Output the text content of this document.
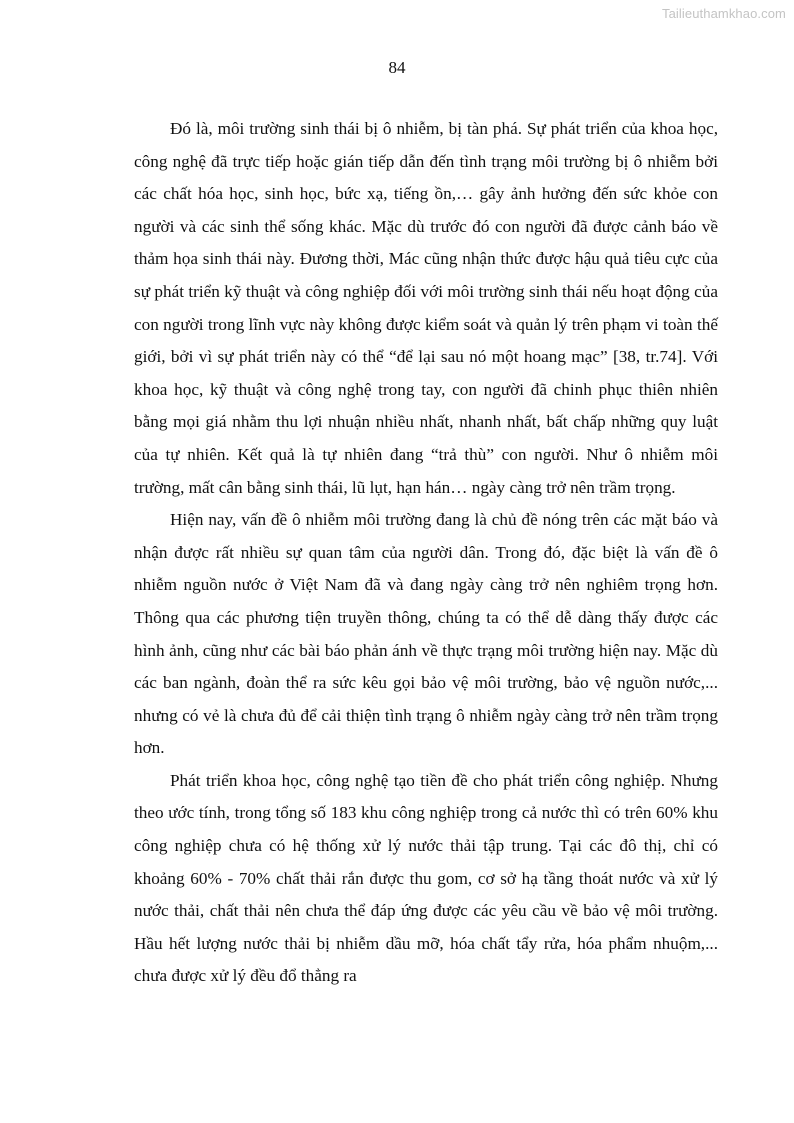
Tailieuthamkhao.com
84

Đó là, môi trường sinh thái bị ô nhiễm, bị tàn phá. Sự phát triển của khoa học, công nghệ đã trực tiếp hoặc gián tiếp dẫn đến tình trạng môi trường bị ô nhiễm bởi các chất hóa học, sinh học, bức xạ, tiếng ồn,… gây ảnh hưởng đến sức khỏe con người và các sinh thể sống khác. Mặc dù trước đó con người đã được cảnh báo về thảm họa sinh thái này. Đương thời, Mác cũng nhận thức được hậu quả tiêu cực của sự phát triển kỹ thuật và công nghiệp đối với môi trường sinh thái nếu hoạt động của con người trong lĩnh vực này không được kiểm soát và quản lý trên phạm vi toàn thế giới, bởi vì sự phát triển này có thể “để lại sau nó một hoang mạc” [38, tr.74]. Với khoa học, kỹ thuật và công nghệ trong tay, con người đã chinh phục thiên nhiên bằng mọi giá nhằm thu lợi nhuận nhiều nhất, nhanh nhất, bất chấp những quy luật của tự nhiên. Kết quả là tự nhiên đang “trả thù” con người. Như ô nhiễm môi trường, mất cân bằng sinh thái, lũ lụt, hạn hán… ngày càng trở nên trầm trọng.

Hiện nay, vấn đề ô nhiễm môi trường đang là chủ đề nóng trên các mặt báo và nhận được rất nhiều sự quan tâm của người dân. Trong đó, đặc biệt là vấn đề ô nhiễm nguồn nước ở Việt Nam đã và đang ngày càng trở nên nghiêm trọng hơn. Thông qua các phương tiện truyền thông, chúng ta có thể dễ dàng thấy được các hình ảnh, cũng như các bài báo phản ánh về thực trạng môi trường hiện nay. Mặc dù các ban ngành, đoàn thể ra sức kêu gọi bảo vệ môi trường, bảo vệ nguồn nước,... nhưng có vẻ là chưa đủ để cải thiện tình trạng ô nhiễm ngày càng trở nên trầm trọng hơn.

Phát triển khoa học, công nghệ tạo tiền đề cho phát triển công nghiệp. Nhưng theo ước tính, trong tổng số 183 khu công nghiệp trong cả nước thì có trên 60% khu công nghiệp chưa có hệ thống xử lý nước thải tập trung. Tại các đô thị, chỉ có khoảng 60% - 70% chất thải rắn được thu gom, cơ sở hạ tầng thoát nước và xử lý nước thải, chất thải nên chưa thể đáp ứng được các yêu cầu về bảo vệ môi trường. Hầu hết lượng nước thải bị nhiễm dầu mỡ, hóa chất tẩy rửa, hóa phẩm nhuộm,... chưa được xử lý đều đổ thẳng ra
